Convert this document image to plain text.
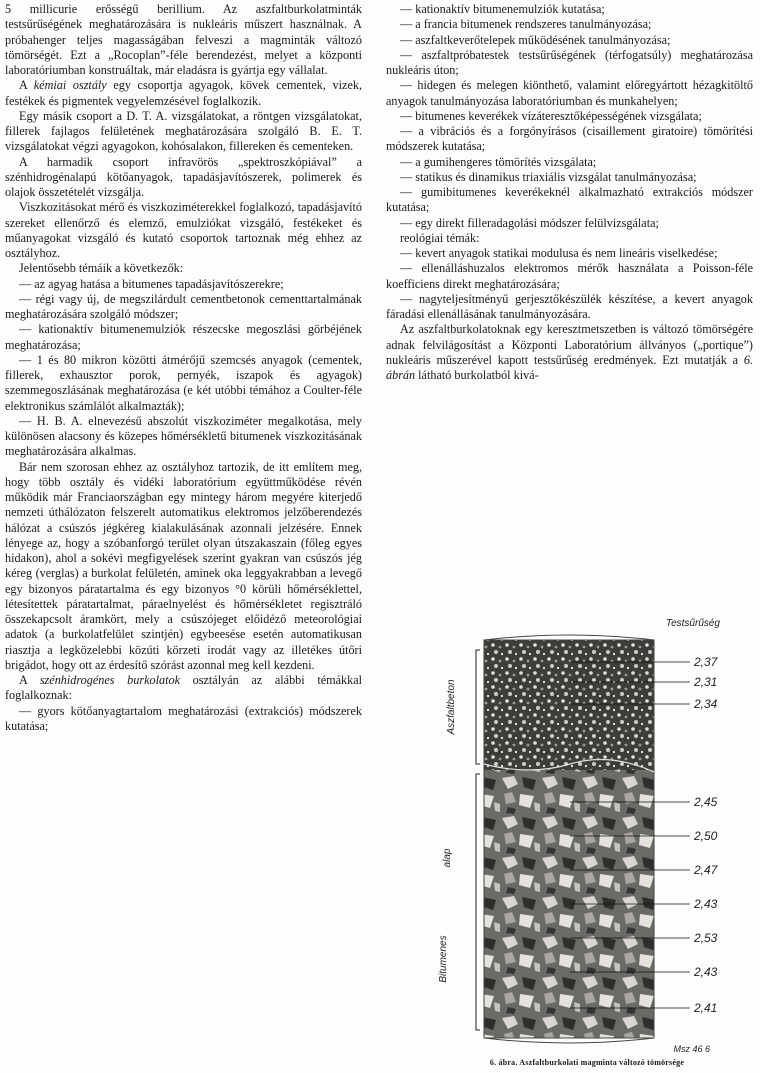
5 millicurie erősségű berillium. Az aszfaltburkolatminták testsűrűségének meghatározására is nukleáris műszert használnak. A próbahenger teljes magasságában felveszi a magminták változó tömörségét. Ezt a „Rocoplan”-féle berendezést, melyet a központi laboratóriumban konstruáltak, már eladásra is gyártja egy vállalat.

A kémiai osztály egy csoportja agyagok, kövek cementek, vizek, festékek és pigmentek vegyelemzésével foglalkozik.

Egy másik csoport a D. T. A. vizsgálatokat, a röntgen vizsgálatokat, fillerek fajlagos felületének meghatározására szolgáló B. E. T. vizsgálatokat végzi agyagokon, kohósalakon, fillereken és cementeken.

A harmadik csoport infravörös „spektroszkópiával” a szénhidrogénalapú kötőanyagok, tapadásjavítószerek, polimerek és olajok összetételét vizsgálja.

Viszkozitásokat mérő és viszkoziméterekkel foglalkozó, tapadásjavító szereket ellenőrző és elemző, emulziókat vizsgáló, festékeket és műanyagokat vizsgáló és kutató csoportok tartoznak még ehhez az osztályhoz.

Jelentősebb témáik a következők:

— az agyag hatása a bitumenes tapadásjavítószerekre;

— régi vagy új, de megszilárdult cementbetonok cementtartalmának meghatározására szolgáló módszer;

— kationaktív bitumenemulziók részecske megoszlási görbéjének meghatározása;

— 1 és 80 mikron közötti átmérőjű szemcsés anyagok (cementek, fillerek, exhausztor porok, pernyék, iszapok és agyagok) szemmegoszlásának meghatározása (e két utóbbi témához a Coulter-féle elektronikus számlálót alkalmazták);

— H. B. A. elnevezésű abszolút viszkoziméter megalkotása, mely különösen alacsony és közepes hőmérsékletű bitumenek viszkozitásának meghatározására alkalmas.

Bár nem szorosan ehhez az osztályhoz tartozik, de itt említem meg, hogy több osztály és vidéki laboratórium együttműködése révén működik már Franciaországban egy mintegy három megyére kiterjedő nemzeti úthálózaton felszerelt automatikus elektromos jelzőberendezés hálózat a csúszós jégkéreg kialakulásának azonnali jelzésére. Ennek lényege az, hogy a szóbanforgó terület olyan útszakaszain (főleg egyes hidakon), ahol a sokévi megfigyelések szerint gyakran van csúszós jég kéreg (verglas) a burkolat felületén, aminek oka leggyakrabban a levegő egy bizonyos páratartalma és egy bizonyos °0 körüli hőmérséklettel, létesítettek páratartalmat, páraelnyelést és hőmérsékletet regisztráló összekapcsolt áramkört, mely a csúszójeget előidéző meteorológiai adatok (a burkolatfelület szintjén) egybeesése esetén automatikusan riasztja a legközelebbi közúti körzeti irodát vagy az illetékes útőri brigádot, hogy ott az érdesítő szórást azonnal meg kell kezdeni.

A szénhidrogénes burkolatok osztályán az alábbi témákkal foglalkoznak:

— gyors kötőanyagtartalom meghatározási (extrakciós) módszerek kutatása;

— kationaktív bitumenemulziók kutatása;

— a francia bitumenek rendszeres tanulmányozása;

— aszfaltkeverőtelepek működésének tanulmányozása;

— aszfaltpróbatestek testsűrűségének (térfogatsúly) meghatározása nukleáris úton;

— hidegen és melegen kiönthető, valamint előregyártott hézagkitöltő anyagok tanulmányozása laboratóriumban és munkahelyen;

— bitumenes keverékek vízáteresztőképességének vizsgálata;

— a vibrációs és a forgónyírásos (cisaillement giratoire) tömörítési módszerek kutatása;

— a gumihengeres tömörítés vizsgálata;

— statikus és dinamikus triaxiális vizsgálat tanulmányozása;

— gumibitumenes keverékeknél alkalmazható extrakciós módszer kutatása;

— egy direkt filleradagolási módszer felülvizsgálata;

reológiai témák:

— kevert anyagok statikai modulusa és nem lineáris viselkedése;

— ellenálláshuzalos elektromos mérők használata a Poisson-féle koefficiens direkt meghatározására;

— nagyteljesítményű gerjesztőkészülék készítése, a kevert anyagok fáradási ellenállásának tanulmányozására.

Az aszfaltburkolatoknak egy keresztmetszetben is változó tömörségére adnak felvilágosítást a Központi Laboratórium állványos („portique”) nukleáris műszerével kapott testsűrűség eredmények. Ezt mutatják a 6. ábrán látható burkolatból kivá-

Testsűrűség
Aszfaltbeton
Bitumenes
alap
2,37
2,31
2,34
2,45
2,50
2,47
2,43
2,53
2,43
2,41
Msz 46 6
6. ábra. Aszfaltburkolati magminta változó tömörsége
